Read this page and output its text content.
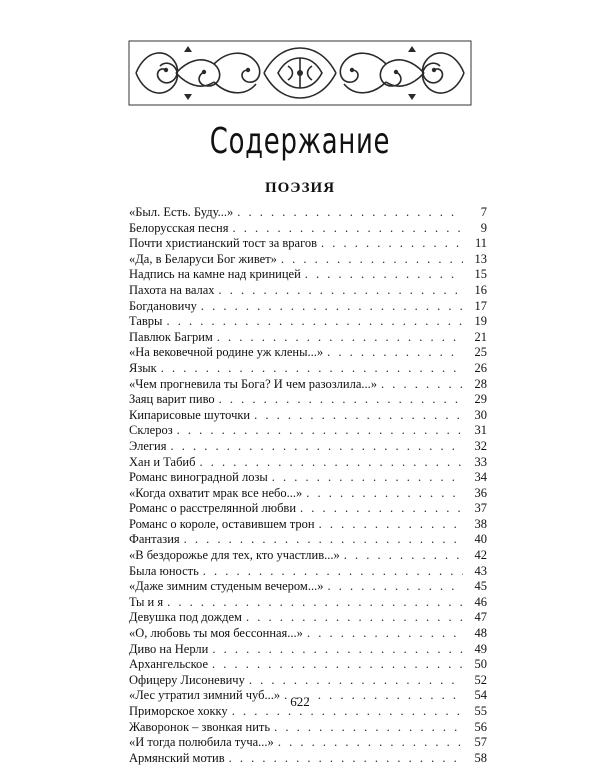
Содержание
ПОЭЗИЯ
«Был. Есть. Буду...» . . .	7
Белорусская песня . . .	9
Почти христианский тост за врагов . . .	11
«Да, в Беларуси Бог живет» . . .	13
Надпись на камне над криницей . . .	15
Пахота на валах . . .	16
Богдановичу . . .	17
Тавры . . .	19
Павлюк Багрим . . .	21
«На вековечной родине уж клены...» . . .	25
Язык . . .	26
«Чем прогневила ты Бога? И чем разозлила...» . . .	28
Заяц варит пиво . . .	29
Кипарисовые шуточки . . .	30
Склероз . . .	31
Элегия . . .	32
Хан и Табиб . . .	33
Романс виноградной лозы . . .	34
«Когда охватит мрак все небо...» . . .	36
Романс о расстрелянной любви . . .	37
Романс о короле, оставившем трон . . .	38
Фантазия . . .	40
«В бездорожье для тех, кто участлив...» . . .	42
Была юность . . .	43
«Даже зимним студеным вечером...» . . .	45
Ты и я . . .	46
Девушка под дождем . . .	47
«О, любовь ты моя бессонная...» . . .	48
Диво на Нерли . . .	49
Архангельское . . .	50
Офицеру Лисоневичу . . .	52
«Лес утратил зимний чуб...» . . .	54
Приморское хокку . . .	55
Жаворонок – звонкая нить . . .	56
«И тогда полюбила туча...» . . .	57
Армянский мотив . . .	58
622
